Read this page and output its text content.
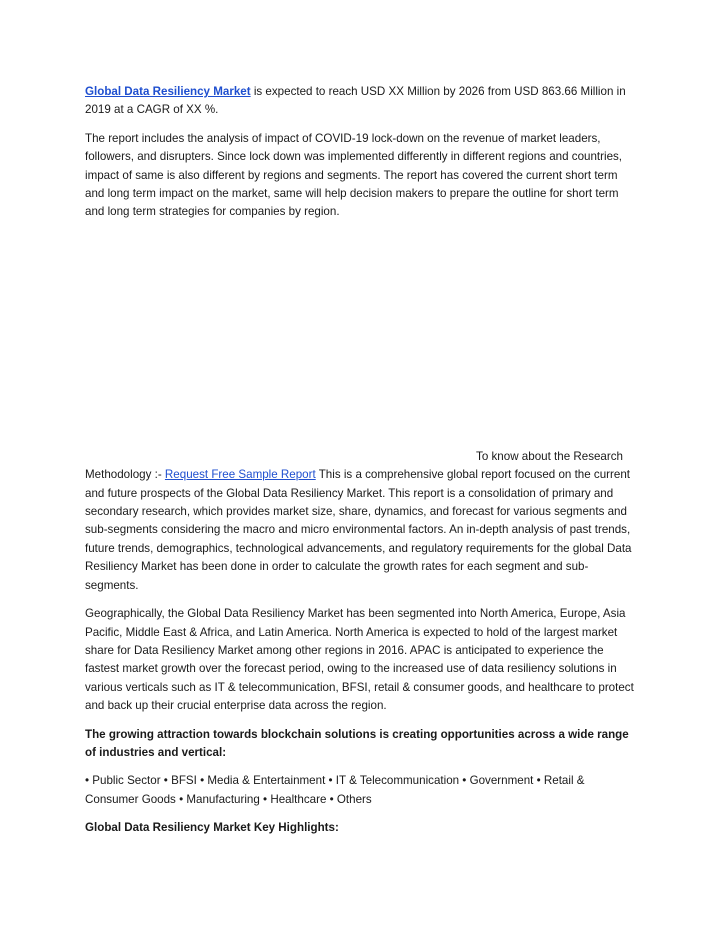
Global Data Resiliency Market is expected to reach USD XX Million by 2026 from USD 863.66 Million in 2019 at a CAGR of XX %.

The report includes the analysis of impact of COVID-19 lock-down on the revenue of market leaders, followers, and disrupters. Since lock down was implemented differently in different regions and countries, impact of same is also different by regions and segments. The report has covered the current short term and long term impact on the market, same will help decision makers to prepare the outline for short term and long term strategies for companies by region.

To know about the Research

Methodology :- Request Free Sample Report This is a comprehensive global report focused on the current and future prospects of the Global Data Resiliency Market. This report is a consolidation of primary and secondary research, which provides market size, share, dynamics, and forecast for various segments and sub-segments considering the macro and micro environmental factors. An in-depth analysis of past trends, future trends, demographics, technological advancements, and regulatory requirements for the global Data Resiliency Market has been done in order to calculate the growth rates for each segment and sub-segments.

Geographically, the Global Data Resiliency Market has been segmented into North America, Europe, Asia Pacific, Middle East & Africa, and Latin America. North America is expected to hold of the largest market share for Data Resiliency Market among other regions in 2016. APAC is anticipated to experience the fastest market growth over the forecast period, owing to the increased use of data resiliency solutions in various verticals such as IT & telecommunication, BFSI, retail & consumer goods, and healthcare to protect and back up their crucial enterprise data across the region.

The growing attraction towards blockchain solutions is creating opportunities across a wide range of industries and vertical:

• Public Sector • BFSI • Media & Entertainment • IT & Telecommunication • Government • Retail & Consumer Goods • Manufacturing • Healthcare • Others

Global Data Resiliency Market Key Highlights:
